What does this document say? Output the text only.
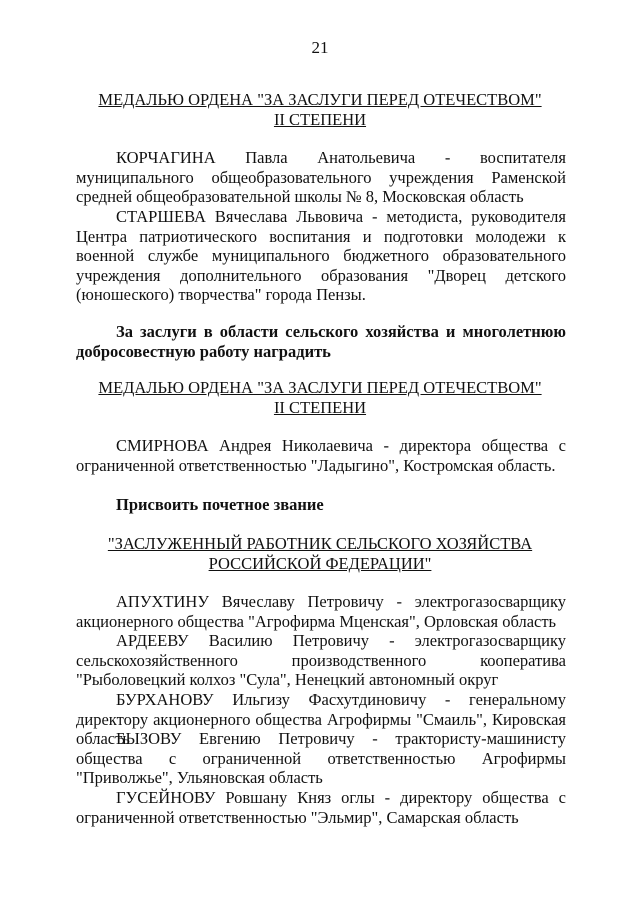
21
МЕДАЛЬЮ ОРДЕНА "ЗА ЗАСЛУГИ ПЕРЕД ОТЕЧЕСТВОМ"
II СТЕПЕНИ
КОРЧАГИНА Павла Анатольевича - воспитателя муниципального общеобразовательного учреждения Раменской средней общеобразовательной школы № 8, Московская область
СТАРШЕВА Вячеслава Львовича - методиста, руководителя Центра патриотического воспитания и подготовки молодежи к военной службе муниципального бюджетного образовательного учреждения дополнительного образования "Дворец детского (юношеского) творчества" города Пензы.
За заслуги в области сельского хозяйства и многолетнюю добросовестную работу наградить
МЕДАЛЬЮ ОРДЕНА "ЗА ЗАСЛУГИ ПЕРЕД ОТЕЧЕСТВОМ"
II СТЕПЕНИ
СМИРНОВА Андрея Николаевича - директора общества с ограниченной ответственностью "Ладыгино", Костромская область.
Присвоить почетное звание
"ЗАСЛУЖЕННЫЙ РАБОТНИК СЕЛЬСКОГО ХОЗЯЙСТВА
РОССИЙСКОЙ ФЕДЕРАЦИИ"
АПУХТИНУ Вячеславу Петровичу - электрогазосварщику акционерного общества "Агрофирма Мценская", Орловская область
АРДЕЕВУ Василию Петровичу - электрогазосварщику сельскохозяйственного производственного кооператива "Рыболовецкий колхоз "Сула", Ненецкий автономный округ
БУРХАНОВУ Ильгизу Фасхутдиновичу - генеральному директору акционерного общества Агрофирмы "Смаиль", Кировская область
БЫЗОВУ Евгению Петровичу - трактористу-машинисту общества с ограниченной ответственностью Агрофирмы "Приволжье", Ульяновская область
ГУСЕЙНОВУ Ровшану Княз оглы - директору общества с ограниченной ответственностью "Эльмир", Самарская область
